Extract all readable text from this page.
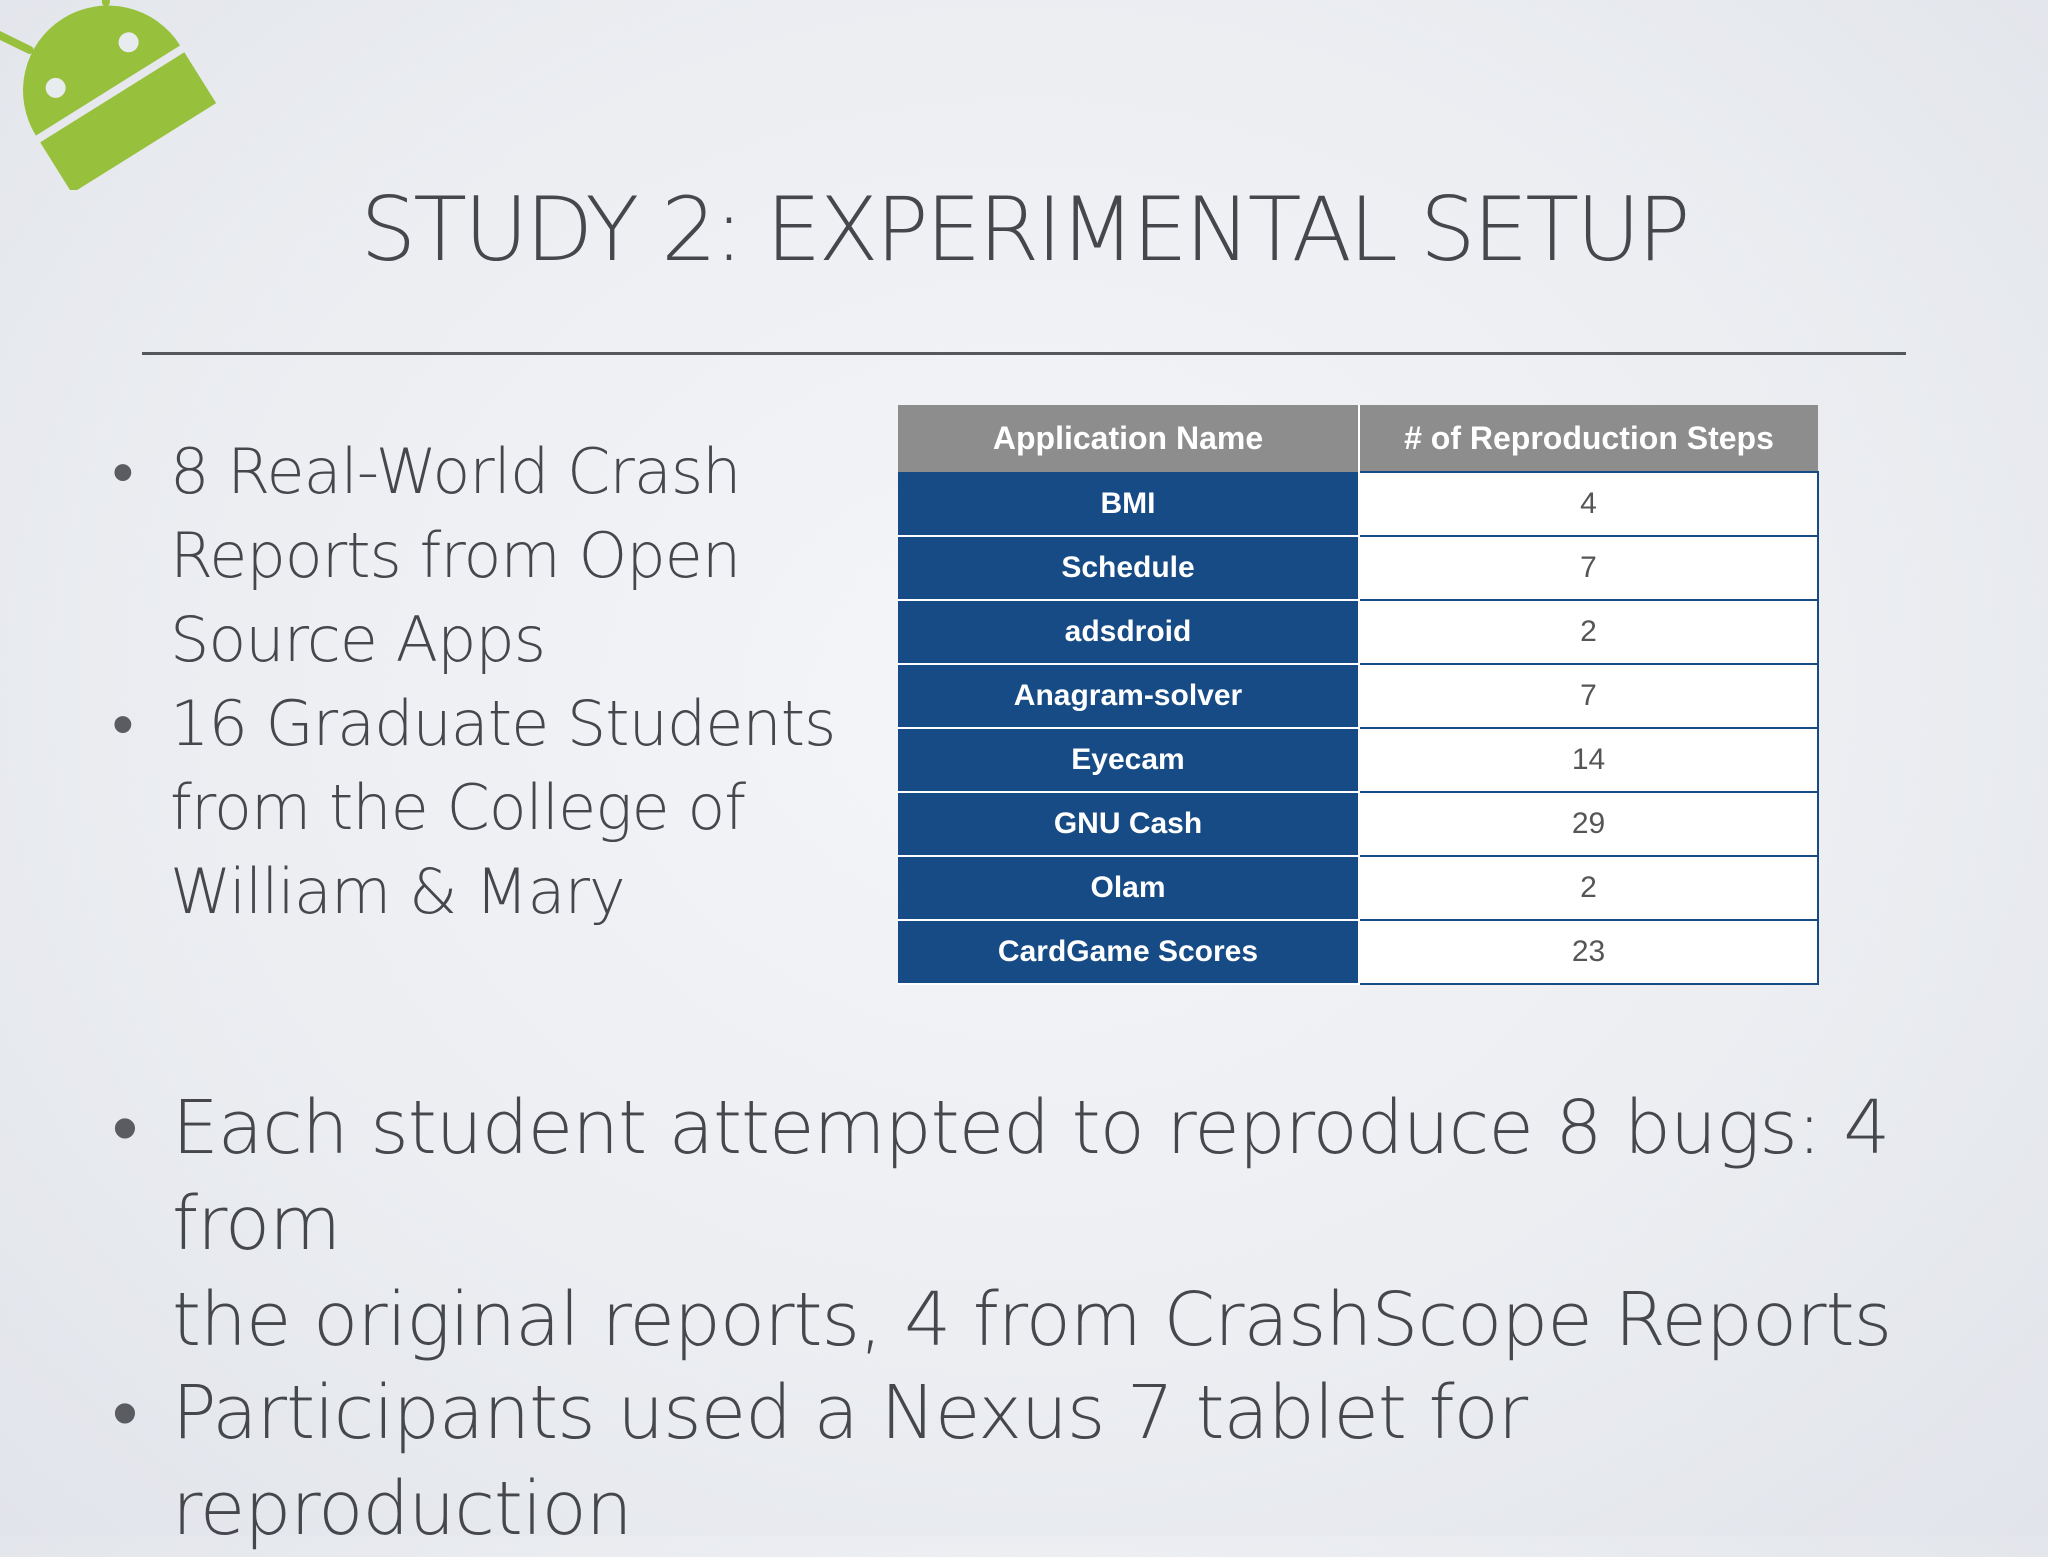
STUDY 2: EXPERIMENTAL SETUP
• 8 Real-World Crash
Reports from Open
Source Apps
• 16 Graduate Students
from the College of
William & Mary
Application Name	# of Reproduction Steps
BMI	4
Schedule	7
adsdroid	2
Anagram-solver	7
Eyecam	14
GNU Cash	29
Olam	2
CardGame Scores	23
• Each student attempted to reproduce 8 bugs: 4 from
the original reports, 4 from CrashScope Reports
• Participants used a Nexus 7 tablet for reproduction
